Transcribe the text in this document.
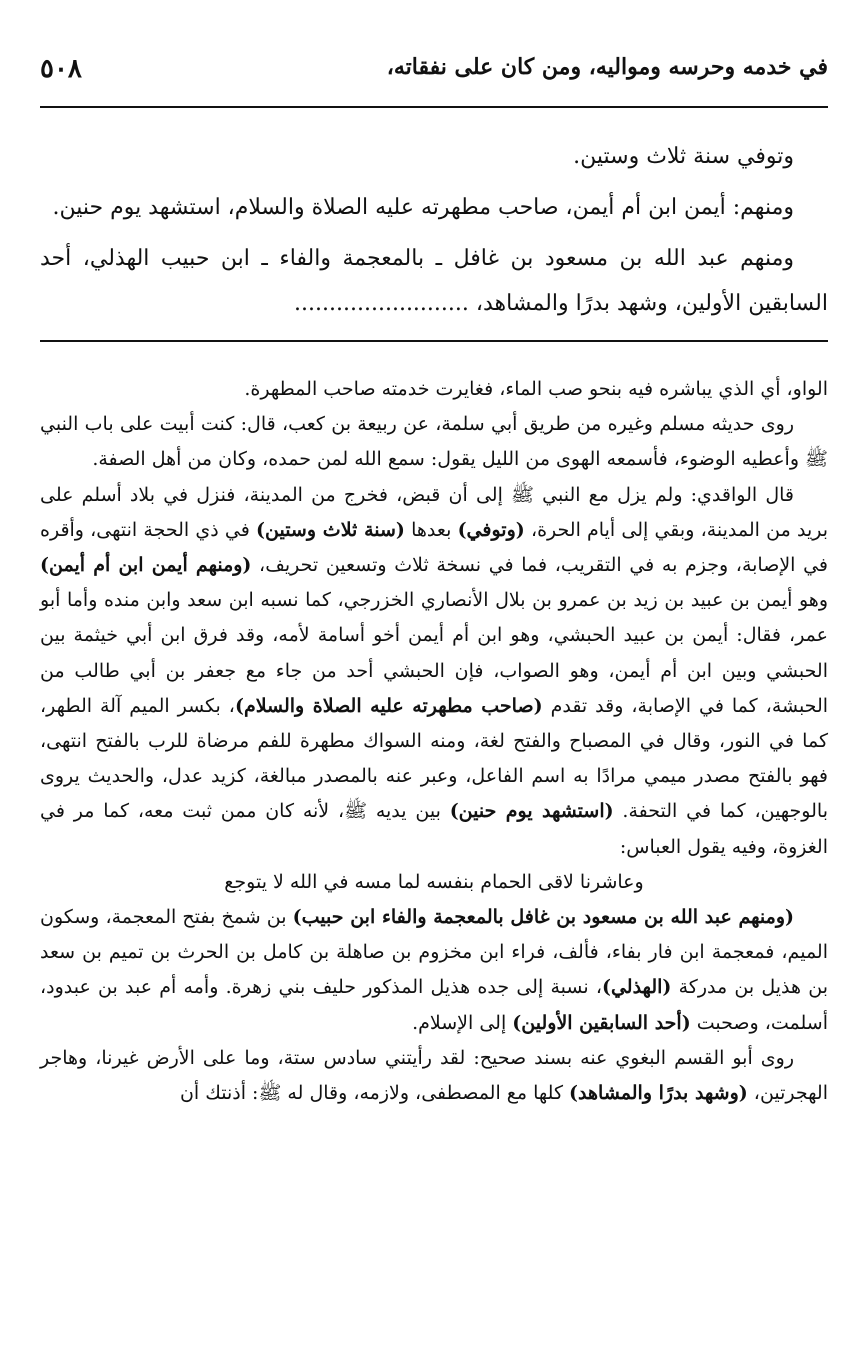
في خدمه وحرسه ومواليه، ومن كان على نفقاته،
٥٠٨

وتوفي سنة ثلاث وستين.

ومنهم: أيمن ابن أم أيمن، صاحب مطهرته عليه الصلاة والسلام، استشهد يوم حنين.

ومنهم عبد الله بن مسعود بن غافل ـ بالمعجمة والفاء ـ ابن حبيب الهذلي، أحد السابقين الأولين، وشهد بدرًا والمشاهد، .........................

الواو، أي الذي يباشره فيه بنحو صب الماء، فغايرت خدمته صاحب المطهرة.

روى حديثه مسلم وغيره من طريق أبي سلمة، عن ربيعة بن كعب، قال: كنت أبيت على باب النبي ﷺ وأعطيه الوضوء، فأسمعه الهوى من الليل يقول: سمع الله لمن حمده، وكان من أهل الصفة.

قال الواقدي: ولم يزل مع النبي ﷺ إلى أن قبض، فخرج من المدينة، فنزل في بلاد أسلم على بريد من المدينة، وبقي إلى أيام الحرة، (وتوفي) بعدها (سنة ثلاث وستين) في ذي الحجة انتهى، وأقره في الإصابة، وجزم به في التقريب، فما في نسخة ثلاث وتسعين تحريف، (ومنهم أيمن ابن أم أيمن) وهو أيمن بن عبيد بن زيد بن عمرو بن بلال الأنصاري الخزرجي، كما نسبه ابن سعد وابن منده وأما أبو عمر، فقال: أيمن بن عبيد الحبشي، وهو ابن أم أيمن أخو أسامة لأمه، وقد فرق ابن أبي خيثمة بين الحبشي وبين ابن أم أيمن، وهو الصواب، فإن الحبشي أحد من جاء مع جعفر بن أبي طالب من الحبشة، كما في الإصابة، وقد تقدم (صاحب مطهرته عليه الصلاة والسلام)، بكسر الميم آلة الطهر، كما في النور، وقال في المصباح والفتح لغة، ومنه السواك مطهرة للفم مرضاة للرب بالفتح انتهى، فهو بالفتح مصدر ميمي مرادًا به اسم الفاعل، وعبر عنه بالمصدر مبالغة، كزيد عدل، والحديث يروى بالوجهين، كما في التحفة. (استشهد يوم حنين) بين يديه ﷺ، لأنه كان ممن ثبت معه، كما مر في الغزوة، وفيه يقول العباس:

وعاشرنا لاقى الحمام بنفسه لما مسه في الله لا يتوجع

(ومنهم عبد الله بن مسعود بن غافل بالمعجمة والفاء ابن حبيب) بن شمخ بفتح المعجمة، وسكون الميم، فمعجمة ابن فار بفاء، فألف، فراء ابن مخزوم بن صاهلة بن كامل بن الحرث بن تميم بن سعد بن هذيل بن مدركة (الهذلي)، نسبة إلى جده هذيل المذكور حليف بني زهرة. وأمه أم عبد بن عبدود، أسلمت، وصحبت (أحد السابقين الأولين) إلى الإسلام.

روى أبو القسم البغوي عنه بسند صحيح: لقد رأيتني سادس ستة، وما على الأرض غيرنا، وهاجر الهجرتين، (وشهد بدرًا والمشاهد) كلها مع المصطفى، ولازمه، وقال له ﷺ: أذنتك أن
